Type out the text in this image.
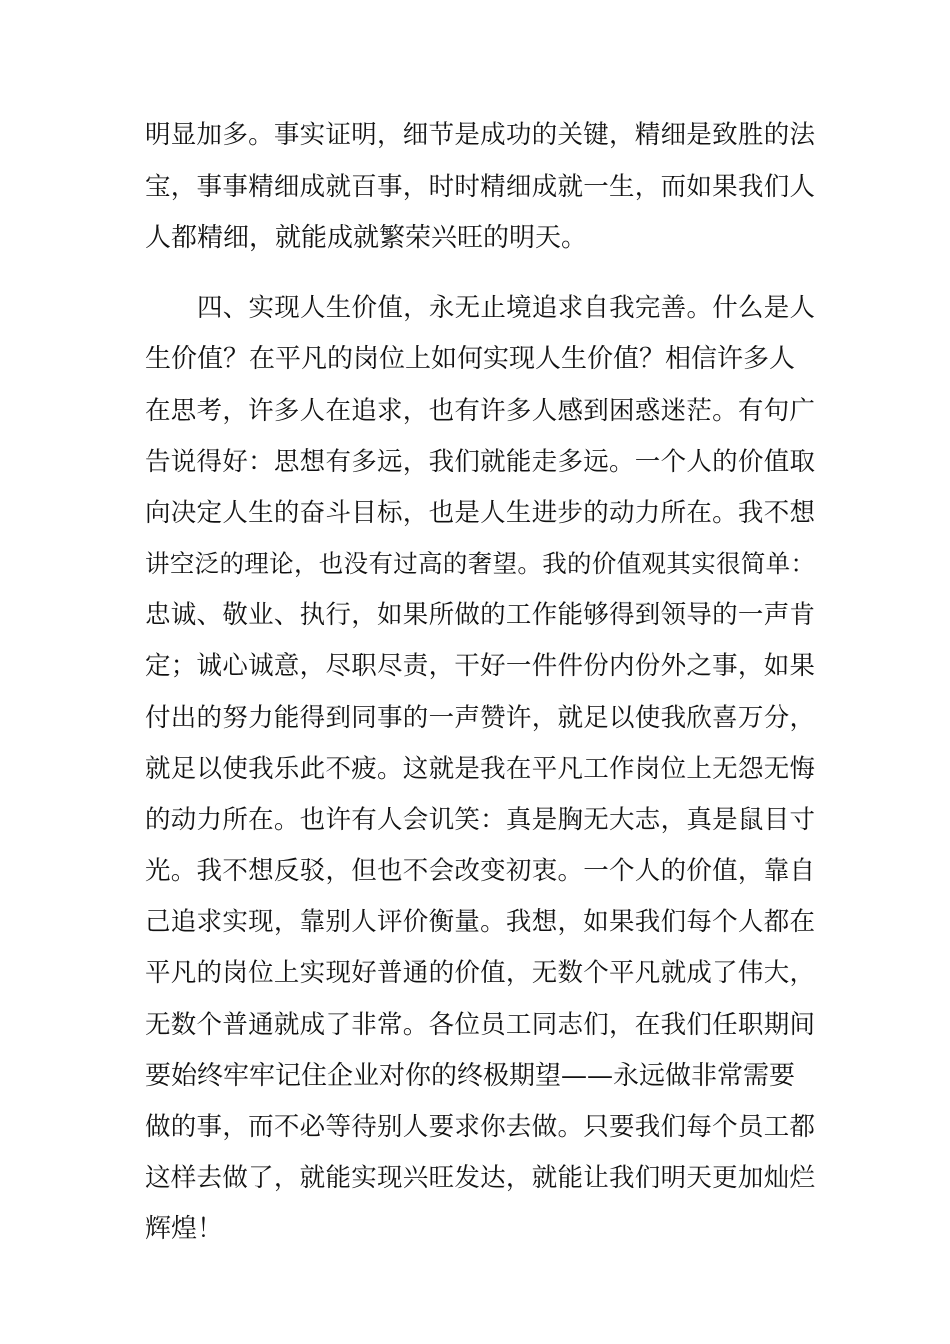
明显加多。事实证明，细节是成功的关键，精细是致胜的法
宝，事事精细成就百事，时时精细成就一生，而如果我们人
人都精细，就能成就繁荣兴旺的明天。
四、实现人生价值，永无止境追求自我完善。什么是人
生价值？在平凡的岗位上如何实现人生价值？相信许多人
在思考，许多人在追求，也有许多人感到困惑迷茫。有句广
告说得好：思想有多远，我们就能走多远。一个人的价值取
向决定人生的奋斗目标，也是人生进步的动力所在。我不想
讲空泛的理论，也没有过高的奢望。我的价值观其实很简单：
忠诚、敬业、执行，如果所做的工作能够得到领导的一声肯
定；诚心诚意，尽职尽责，干好一件件份内份外之事，如果
付出的努力能得到同事的一声赞许，就足以使我欣喜万分，
就足以使我乐此不疲。这就是我在平凡工作岗位上无怨无悔
的动力所在。也许有人会讥笑：真是胸无大志，真是鼠目寸
光。我不想反驳，但也不会改变初衷。一个人的价值，靠自
己追求实现，靠别人评价衡量。我想，如果我们每个人都在
平凡的岗位上实现好普通的价值，无数个平凡就成了伟大，
无数个普通就成了非常。各位员工同志们，在我们任职期间
要始终牢牢记住企业对你的终极期望——永远做非常需要
做的事，而不必等待别人要求你去做。只要我们每个员工都
这样去做了，就能实现兴旺发达，就能让我们明天更加灿烂
辉煌！
